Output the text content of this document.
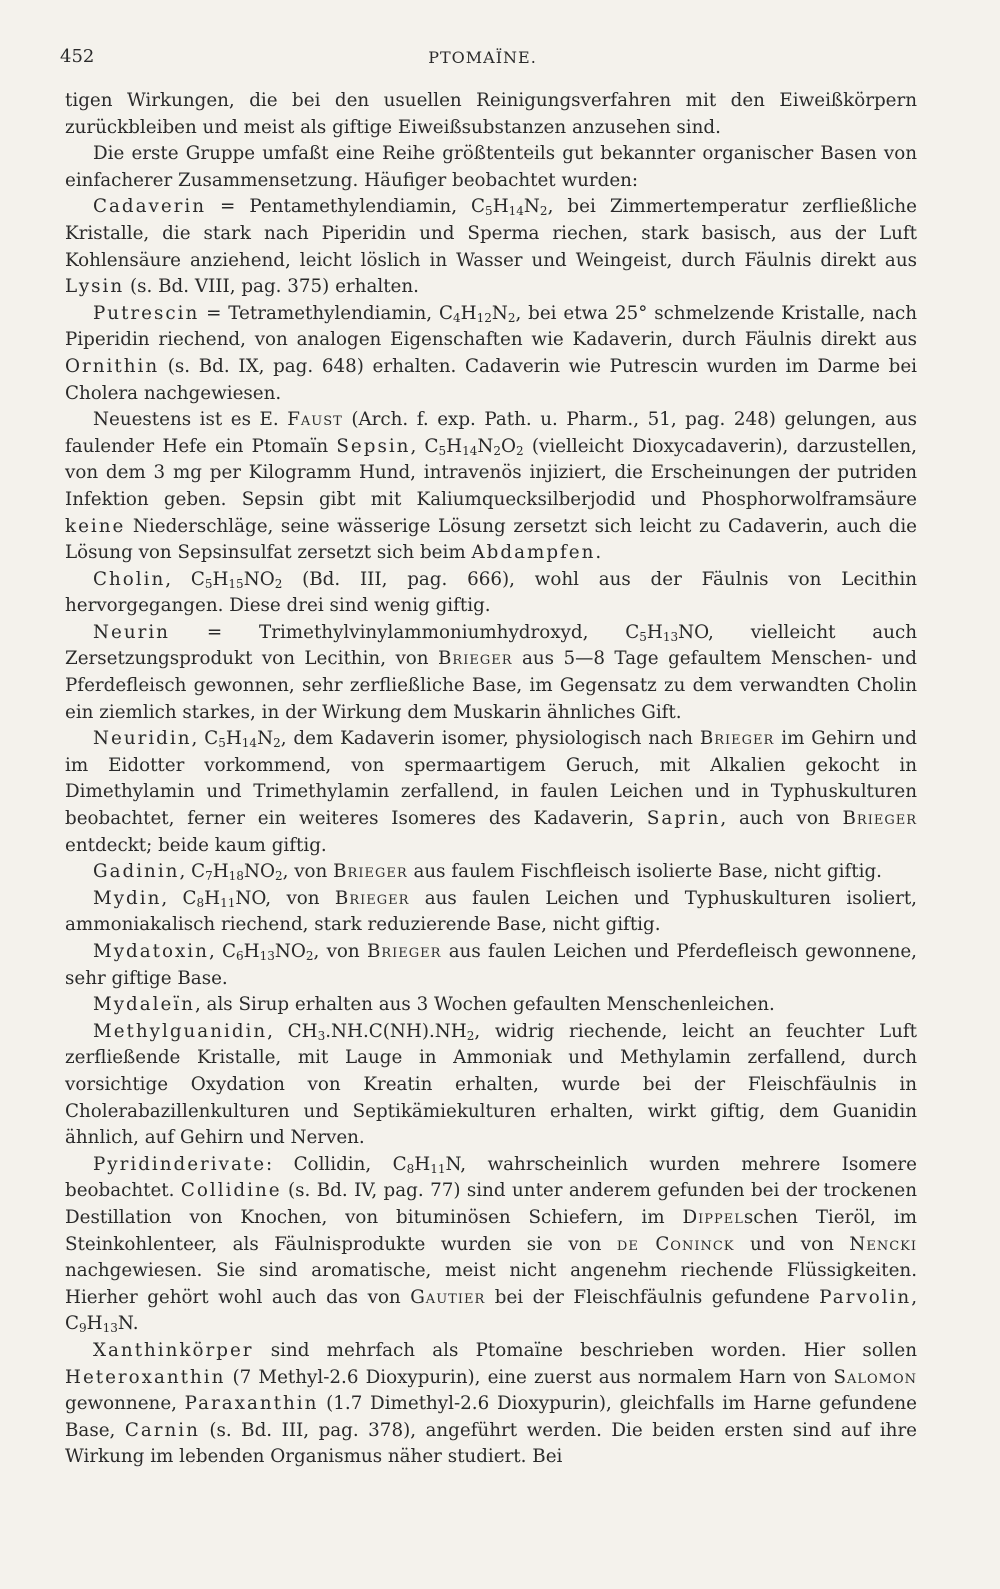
452	PTOMAÏNE.

tigen Wirkungen, die bei den usuellen Reinigungsverfahren mit den Eiweißkörpern zurückbleiben und meist als giftige Eiweißsubstanzen anzusehen sind.

Die erste Gruppe umfaßt eine Reihe größtenteils gut bekannter organischer Basen von einfacherer Zusammensetzung. Häufiger beobachtet wurden:

Cadaverin = Pentamethylendiamin, $C_5H_{14}N_2$, bei Zimmertemperatur zerfließliche Kristalle, die stark nach Piperidin und Sperma riechen, stark basisch, aus der Luft Kohlensäure anziehend, leicht löslich in Wasser und Weingeist, durch Fäulnis direkt aus Lysin (s. Bd. VIII, pag. 375) erhalten.

Putrescin = Tetramethylendiamin, $C_4H_{12}N_2$, bei etwa 25° schmelzende Kristalle, nach Piperidin riechend, von analogen Eigenschaften wie Kadaverin, durch Fäulnis direkt aus Ornithin (s. Bd. IX, pag. 648) erhalten. Cadaverin wie Putrescin wurden im Darme bei Cholera nachgewiesen.

Neuestens ist es E. Faust (Arch. f. exp. Path. u. Pharm., 51, pag. 248) gelungen, aus faulender Hefe ein Ptomaïn Sepsin, $C_5H_{14}N_2O_2$ (vielleicht Dioxycadaverin), darzustellen, von dem 3 mg per Kilogramm Hund, intravenös injiziert, die Erscheinungen der putriden Infektion geben. Sepsin gibt mit Kaliumquecksilberjodid und Phosphorwolframsäure keine Niederschläge, seine wässerige Lösung zersetzt sich leicht zu Cadaverin, auch die Lösung von Sepsinsulfat zersetzt sich beim Abdampfen.

Cholin, $C_5H_{15}NO_2$ (Bd. III, pag. 666), wohl aus der Fäulnis von Lecithin hervorgegangen. Diese drei sind wenig giftig.

Neurin = Trimethylvinylammoniumhydroxyd, $C_5H_{13}NO$, vielleicht auch Zersetzungsprodukt von Lecithin, von Brieger aus 5—8 Tage gefaultem Menschen- und Pferdefleisch gewonnen, sehr zerfließliche Base, im Gegensatz zu dem verwandten Cholin ein ziemlich starkes, in der Wirkung dem Muskarin ähnliches Gift.

Neuridin, $C_5H_{14}N_2$, dem Kadaverin isomer, physiologisch nach Brieger im Gehirn und im Eidotter vorkommend, von spermaartigem Geruch, mit Alkalien gekocht in Dimethylamin und Trimethylamin zerfallend, in faulen Leichen und in Typhuskulturen beobachtet, ferner ein weiteres Isomeres des Kadaverin, Saprin, auch von Brieger entdeckt; beide kaum giftig.

Gadinin, $C_7H_{18}NO_2$, von Brieger aus faulem Fischfleisch isolierte Base, nicht giftig.

Mydin, $C_8H_{11}NO$, von Brieger aus faulen Leichen und Typhuskulturen isoliert, ammoniakalisch riechend, stark reduzierende Base, nicht giftig.

Mydatoxin, $C_6H_{13}NO_2$, von Brieger aus faulen Leichen und Pferdefleisch gewonnene, sehr giftige Base.

Mydaleïn, als Sirup erhalten aus 3 Wochen gefaulten Menschenleichen.

Methylguanidin, $CH_3.NH.C(NH).NH_2$, widrig riechende, leicht an feuchter Luft zerfließende Kristalle, mit Lauge in Ammoniak und Methylamin zerfallend, durch vorsichtige Oxydation von Kreatin erhalten, wurde bei der Fleischfäulnis in Cholerabazillenkulturen und Septikämiekulturen erhalten, wirkt giftig, dem Guanidin ähnlich, auf Gehirn und Nerven.

Pyridinderivate: Collidin, $C_8H_{11}N$, wahrscheinlich wurden mehrere Isomere beobachtet. Collidine (s. Bd. IV, pag. 77) sind unter anderem gefunden bei der trockenen Destillation von Knochen, von bituminösen Schiefern, im Dippelschen Tieröl, im Steinkohlenteer, als Fäulnisprodukte wurden sie von de Coninck und von Nencki nachgewiesen. Sie sind aromatische, meist nicht angenehm riechende Flüssigkeiten. Hierher gehört wohl auch das von Gautier bei der Fleischfäulnis gefundene Parvolin, $C_9H_{13}N$.

Xanthinkörper sind mehrfach als Ptomaïne beschrieben worden. Hier sollen Heteroxanthin (7 Methyl-2.6 Dioxypurin), eine zuerst aus normalem Harn von Salomon gewonnene, Paraxanthin (1.7 Dimethyl-2.6 Dioxypurin), gleichfalls im Harne gefundene Base, Carnin (s. Bd. III, pag. 378), angeführt werden. Die beiden ersten sind auf ihre Wirkung im lebenden Organismus näher studiert. Bei
